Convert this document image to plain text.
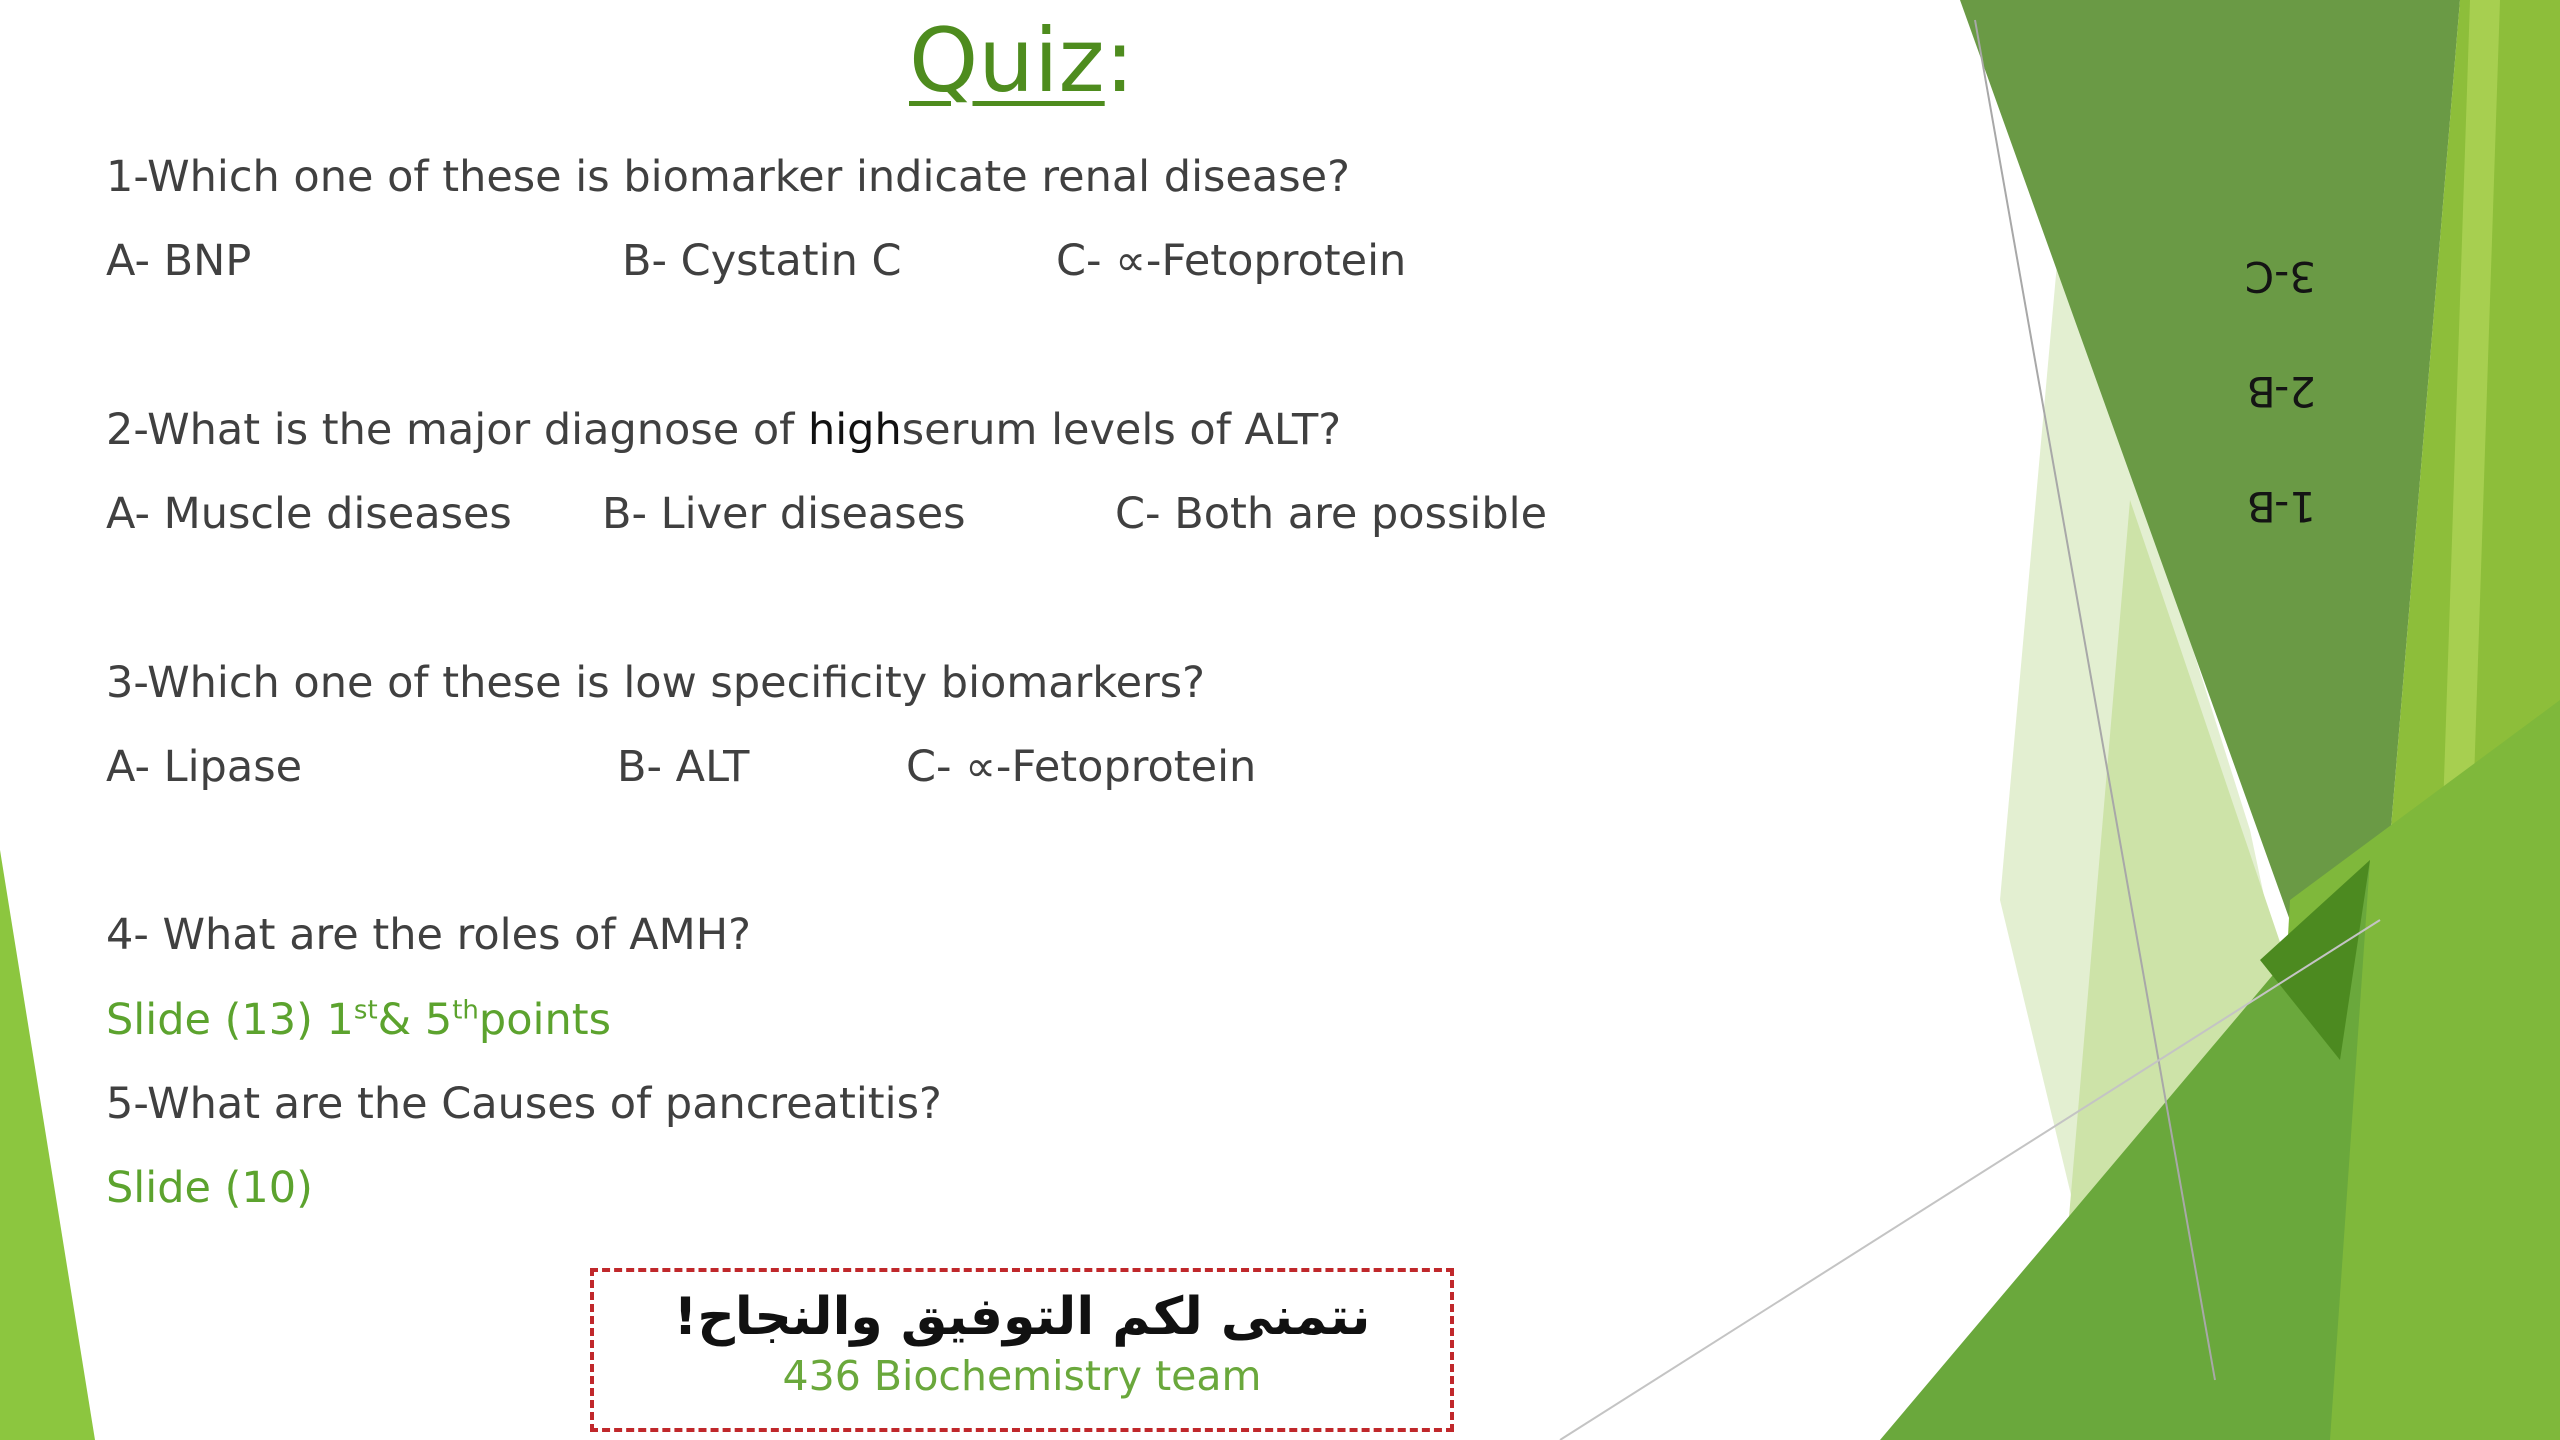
Quiz:
1-Which one of these is biomarker indicate renal disease?
A- BNP	B- Cystatin C	C- ∝-Fetoprotein
2-What is the major diagnose of highserum levels of ALT?
A- Muscle diseases B- Liver diseases	C- Both are possible
3-Which one of these is low specificity biomarkers?
A- Lipase	B- ALT	C- ∝-Fetoprotein
4- What are the roles of AMH?
Slide (13) 1st& 5thpoints
5-What are the Causes of pancreatitis?
Slide (10)
1-B
2-B
3-C
نتمنى لكم التوفيق والنجاح!
436 Biochemistry team
